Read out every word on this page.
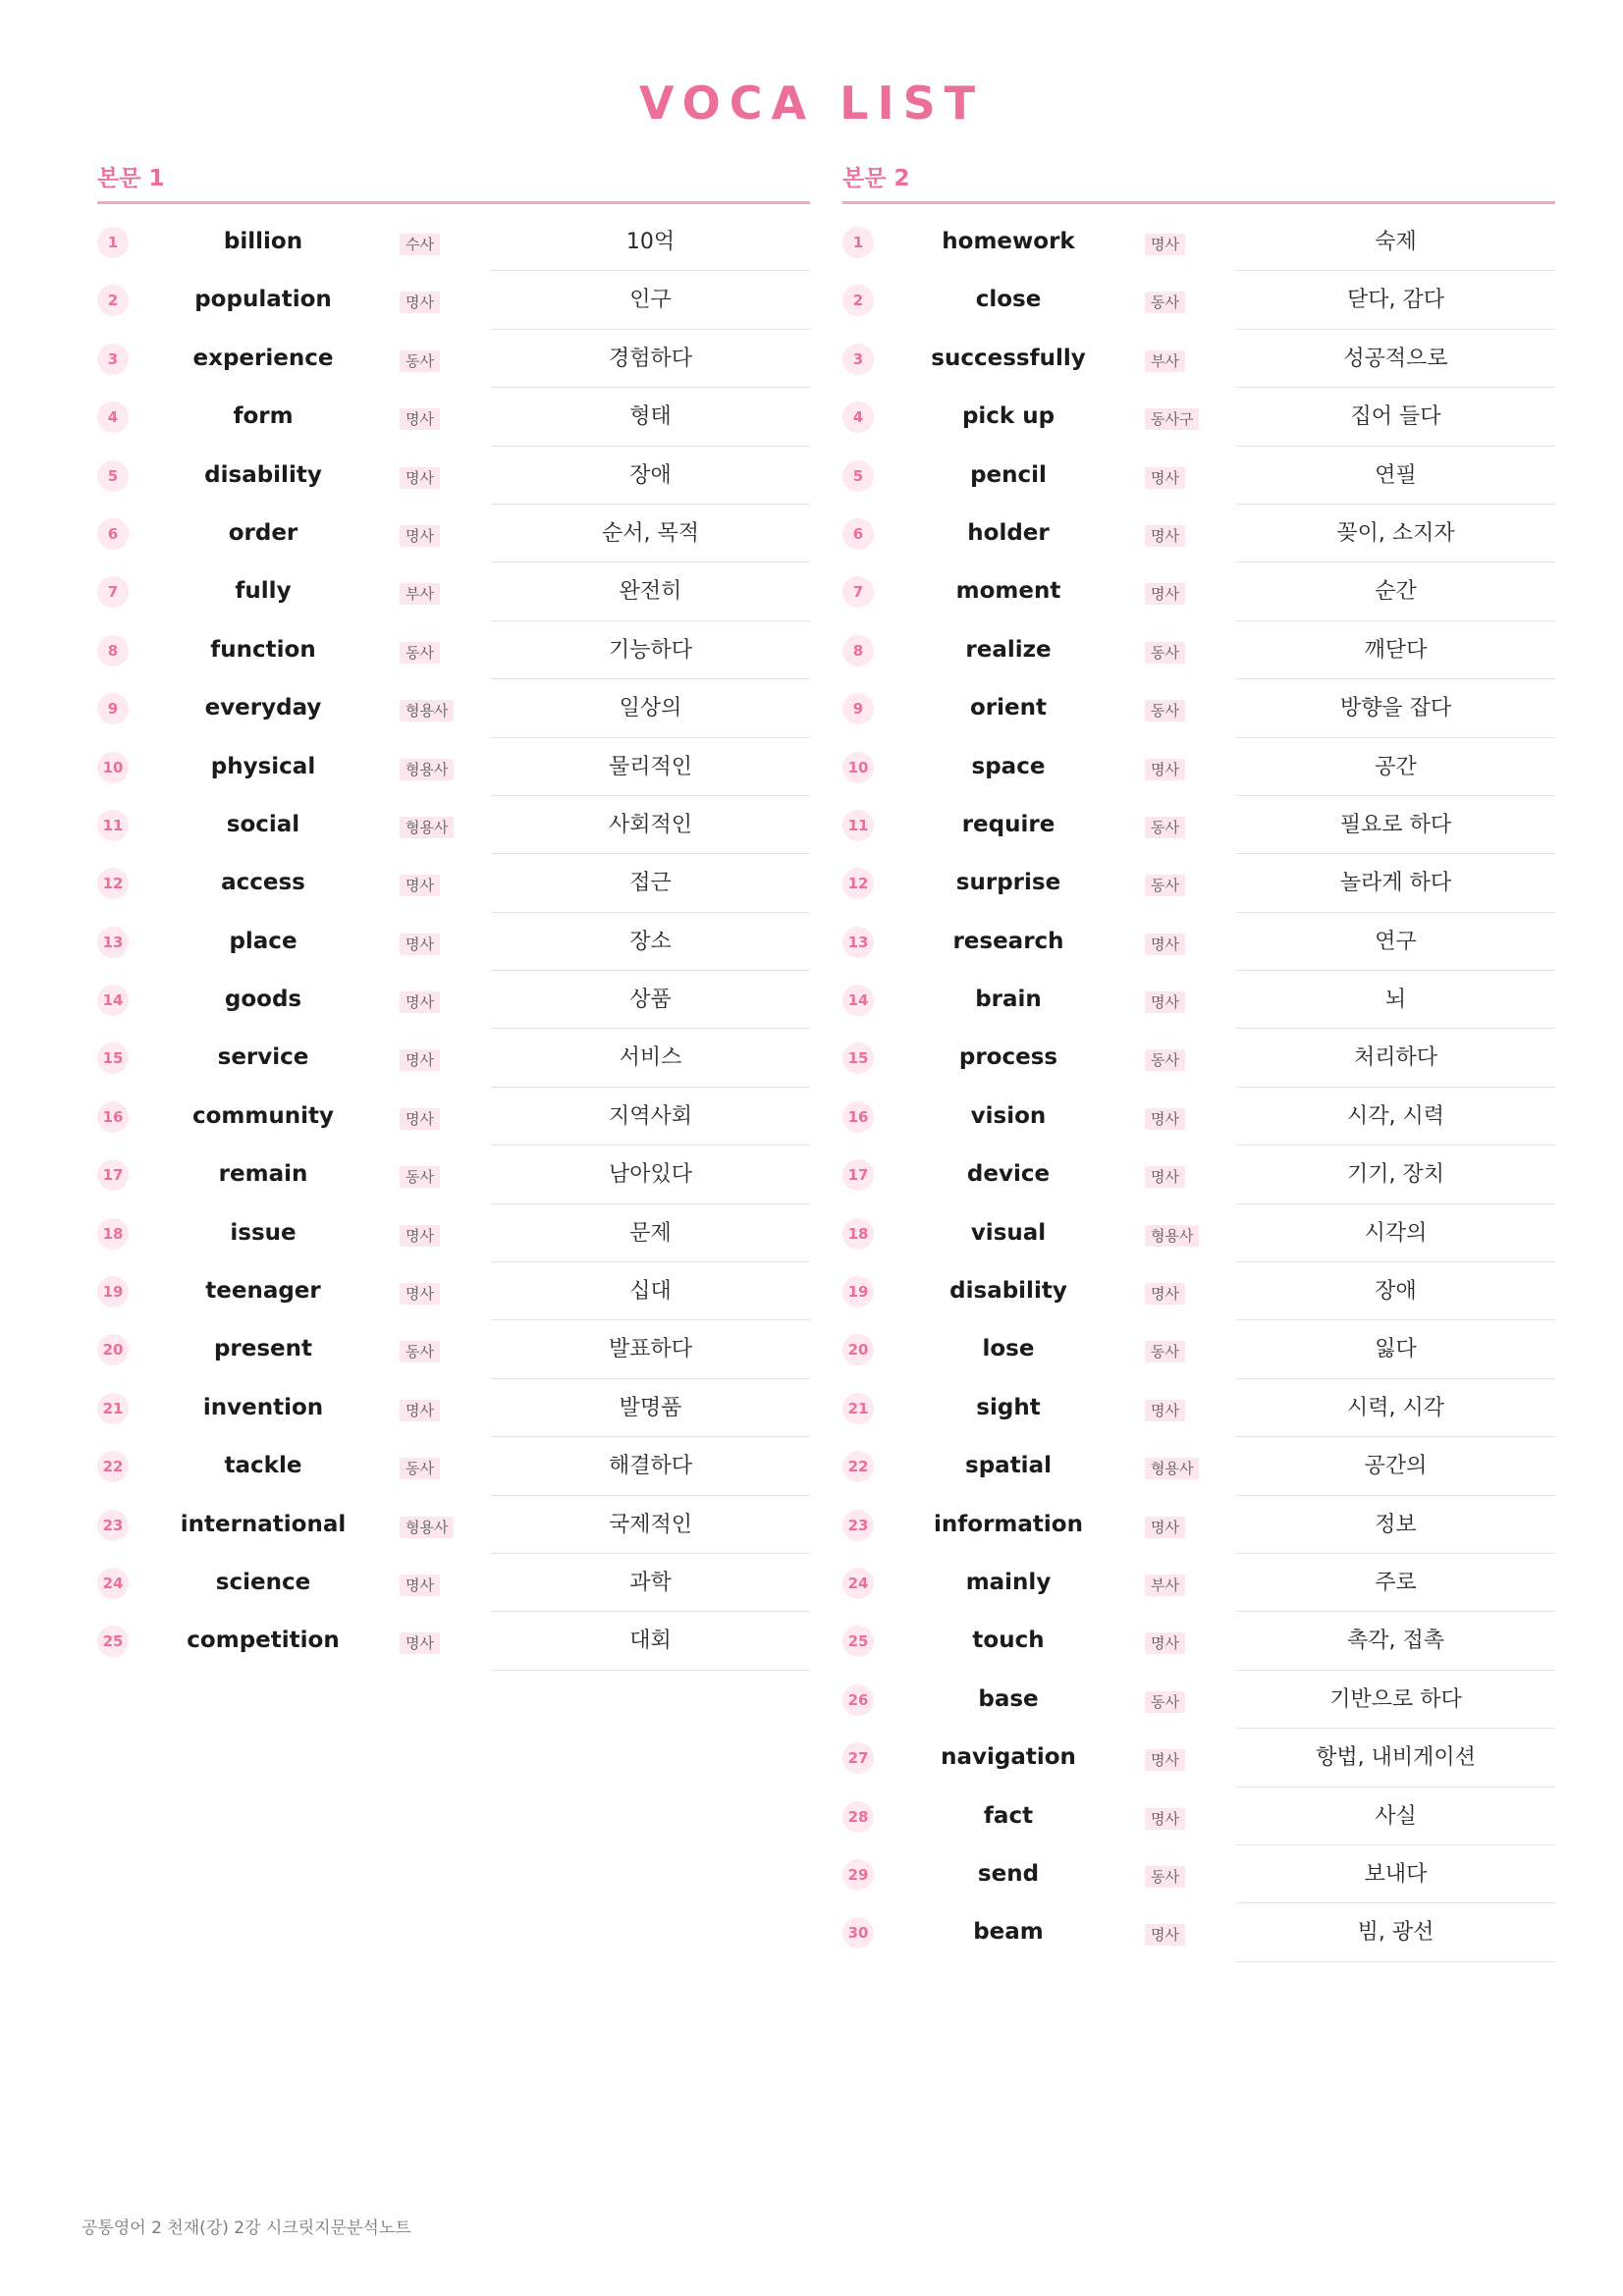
VOCA LIST
본문 1
1	billion	수사	10억
2	population	명사	인구
3	experience	동사	경험하다
4	form	명사	형태
5	disability	명사	장애
6	order	명사	순서, 목적
7	fully	부사	완전히
8	function	동사	기능하다
9	everyday	형용사	일상의
10	physical	형용사	물리적인
11	social	형용사	사회적인
12	access	명사	접근
13	place	명사	장소
14	goods	명사	상품
15	service	명사	서비스
16	community	명사	지역사회
17	remain	동사	남아있다
18	issue	명사	문제
19	teenager	명사	십대
20	present	동사	발표하다
21	invention	명사	발명품
22	tackle	동사	해결하다
23	international	형용사	국제적인
24	science	명사	과학
25	competition	명사	대회
본문 2
1	homework	명사	숙제
2	close	동사	닫다, 감다
3	successfully	부사	성공적으로
4	pick up	동사구	집어 들다
5	pencil	명사	연필
6	holder	명사	꽂이, 소지자
7	moment	명사	순간
8	realize	동사	깨닫다
9	orient	동사	방향을 잡다
10	space	명사	공간
11	require	동사	필요로 하다
12	surprise	동사	놀라게 하다
13	research	명사	연구
14	brain	명사	뇌
15	process	동사	처리하다
16	vision	명사	시각, 시력
17	device	명사	기기, 장치
18	visual	형용사	시각의
19	disability	명사	장애
20	lose	동사	잃다
21	sight	명사	시력, 시각
22	spatial	형용사	공간의
23	information	명사	정보
24	mainly	부사	주로
25	touch	명사	촉각, 접촉
26	base	동사	기반으로 하다
27	navigation	명사	항법, 내비게이션
28	fact	명사	사실
29	send	동사	보내다
30	beam	명사	빔, 광선
공통영어 2 천재(강) 2강 시크릿지문분석노트
